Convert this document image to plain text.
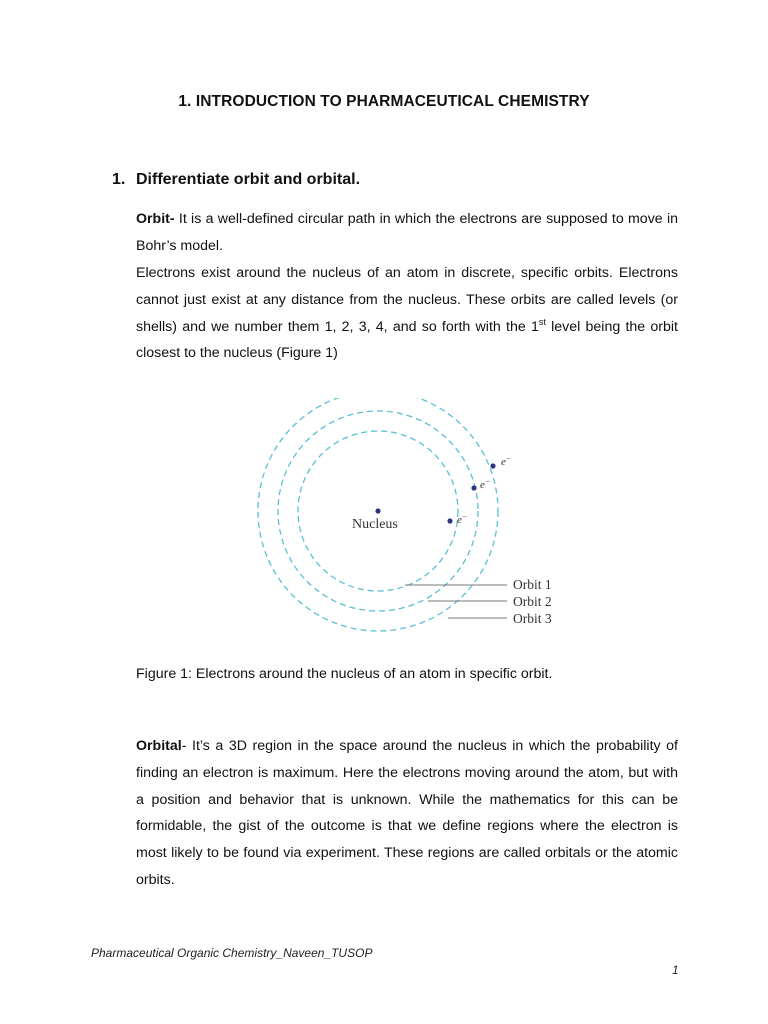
1. INTRODUCTION TO PHARMACEUTICAL CHEMISTRY
1. Differentiate orbit and orbital.
Orbit- It is a well-defined circular path in which the electrons are supposed to move in Bohr’s model.
Electrons exist around the nucleus of an atom in discrete, specific orbits. Electrons cannot just exist at any distance from the nucleus. These orbits are called levels (or shells) and we number them 1, 2, 3, 4, and so forth with the 1st level being the orbit closest to the nucleus (Figure 1)
Nucleus	e−
e−
e−
Orbit 1
Orbit 2
Orbit 3
Figure 1: Electrons around the nucleus of an atom in specific orbit.
Orbital- It’s a 3D region in the space around the nucleus in which the probability of finding an electron is maximum. Here the electrons moving around the atom, but with a position and behavior that is unknown. While the mathematics for this can be formidable, the gist of the outcome is that we define regions where the electron is most likely to be found via experiment. These regions are called orbitals or the atomic orbits.
Pharmaceutical Organic Chemistry_Naveen_TUSOP
1
